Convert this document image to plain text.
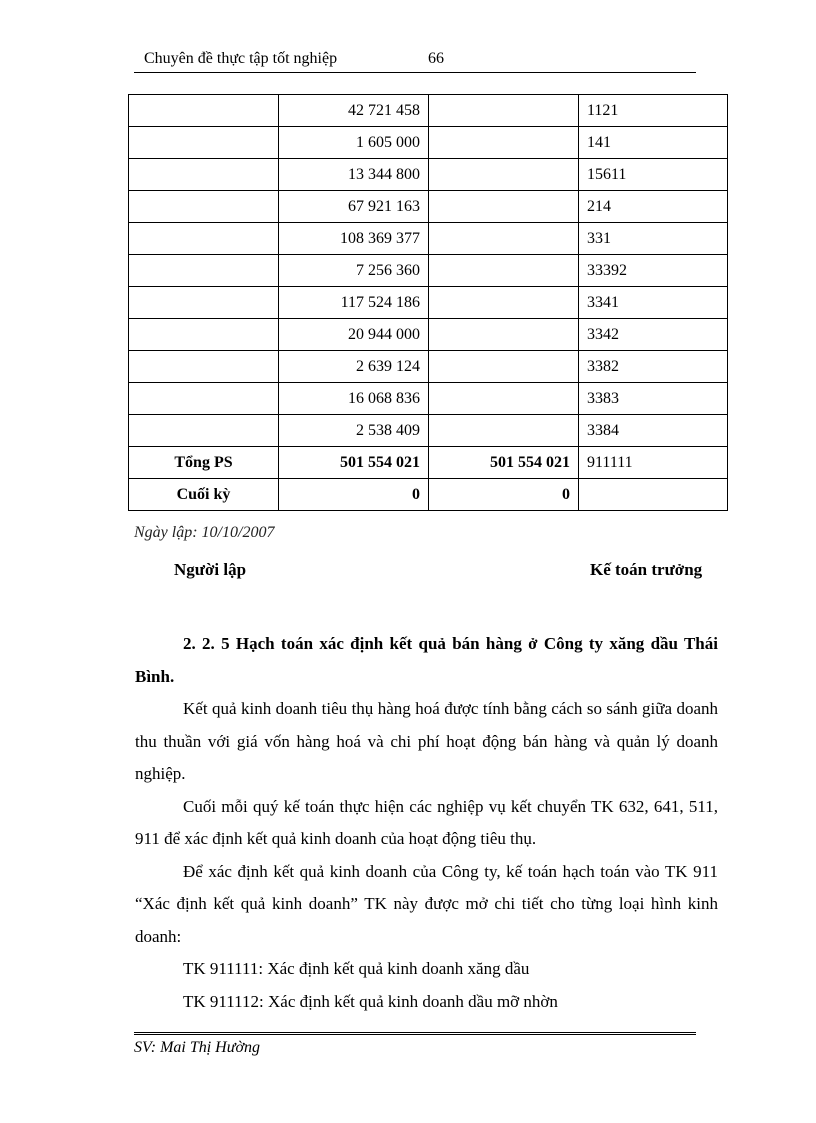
Chuyên đề thực tập tốt nghiệp	66
	42 721 458		1121
	1 605 000		141
	13 344 800		15611
	67 921 163		214
	108 369 377		331
	7 256 360		33392
	117 524 186		3341
	20 944 000		3342
	2 639 124		3382
	16 068 836		3383
	2 538 409		3384
Tổng PS	501 554 021	501 554 021	911111
Cuối kỳ	0	0	
Ngày lập: 10/10/2007
Người lập	Kế toán trưởng
2. 2. 5 Hạch toán xác định kết quả bán hàng ở Công ty xăng dầu Thái Bình.

Kết quả kinh doanh tiêu thụ hàng hoá được tính bằng cách so sánh giữa doanh thu thuần với giá vốn hàng hoá và chi phí hoạt động bán hàng và quản lý doanh nghiệp.

Cuối mỗi quý kế toán thực hiện các nghiệp vụ kết chuyển TK 632, 641, 511, 911 để xác định kết quả kinh doanh của hoạt động tiêu thụ.

Để xác định kết quả kinh doanh của Công ty, kế toán hạch toán vào TK 911 “Xác định kết quả kinh doanh” TK này được mở chi tiết cho từng loại hình kinh doanh:

TK 911111: Xác định kết quả kinh doanh xăng dầu

TK 911112: Xác định kết quả kinh doanh dầu mỡ nhờn

SV: Mai Thị Hường
